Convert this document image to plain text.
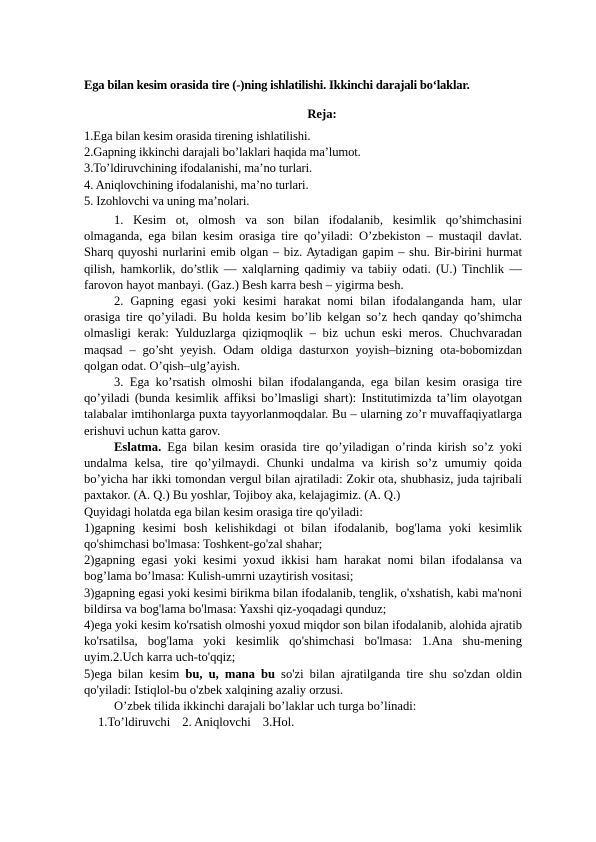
Ega bilan kesim orasida tire (-)ning ishlatilishi. Ikkinchi darajali bo‘laklar.
Reja:
1.Ega bilan kesim orasida tirening ishlatilishi.
2.Gapning ikkinchi darajali bo’laklari haqida ma’lumot.
3.To’ldiruvchining ifodalanishi, ma’no turlari.
4. Aniqlovchining ifodalanishi, ma’no turlari.
5. Izohlovchi va uning ma’nolari.

1. Kesim ot, olmosh va son bilan ifodalanib, kesimlik qo’shimchasini olmaganda, ega bilan kesim orasiga tire qo’yiladi: O’zbekiston – mustaqil davlat. Sharq quyoshi nurlarini emib olgan – biz. Aytadigan gapim – shu. Bir-birini hurmat qilish, hamkorlik, do’stlik — xalqlarning qadimiy va tabiiy odati. (U.) Tinchlik — farovon hayot manbayi. (Gaz.) Besh karra besh – yigirma besh.

2. Gapning egasi yoki kesimi harakat nomi bilan ifodalanganda ham, ular orasiga tire qo’yiladi. Bu holda kesim bo’lib kelgan so’z hech qanday qo’shimcha olmasligi kerak: Yulduzlarga qiziqmoqlik – biz uchun eski meros. Chuchvaradan maqsad – go’sht yeyish. Odam oldiga dasturxon yoyish–bizning ota-bobomizdan qolgan odat. O’qish–ulg’ayish.

3. Ega ko’rsatish olmoshi bilan ifodalanganda, ega bilan kesim orasiga tire qo’yiladi (bunda kesimlik affiksi bo’lmasligi shart): Institutimizda ta’lim olayotgan talabalar imtihonlarga puxta tayyorlanmoqdalar. Bu – ularning zo’r muvaffaqiyatlarga erishuvi uchun katta garov.

Eslatma. Ega bilan kesim orasida tire qo’yiladigan o’rinda kirish so’z yoki undalma kelsa, tire qo’yilmaydi. Chunki undalma va kirish so’z umumiy qoida bo’yicha har ikki tomondan vergul bilan ajratiladi: Zokir ota, shubhasiz, juda tajribali paxtakor. (A. Q.) Bu yoshlar, Tojiboy aka, kelajagimiz. (A. Q.)

Quyidagi holatda ega bilan kesim orasiga tire qo'yiladi:

1)gapning kesimi bosh kelishikdagi ot bilan ifodalanib, bog'lama yoki kesimlik qo'shimchasi bo'lmasa: Toshkent-go'zal shahar;

2)gapning egasi yoki kesimi yoxud ikkisi ham harakat nomi bilan ifodalansa va bog’lama bo’lmasa: Kulish-umrni uzaytirish vositasi;

3)gapning egasi yoki kesimi birikma bilan ifodalanib, tenglik, o'xshatish, kabi ma'noni bildirsa va bog'lama bo'lmasa: Yaxshi qiz-yoqadagi qunduz;

4)ega yoki kesim ko'rsatish olmoshi yoxud miqdor son bilan ifodalanib, alohida ajratib ko'rsatilsa, bog'lama yoki kesimlik qo'shimchasi bo'lmasa: 1.Ana shu-mening uyim.2.Uch karra uch-to'qqiz;

5)ega bilan kesim bu, u, mana bu so'zi bilan ajratilganda tire shu so'zdan oldin qo'yiladi: Istiqlol-bu o'zbek xalqining azaliy orzusi.

O’zbek tilida ikkinchi darajali bo’laklar uch turga bo’linadi:

1.To’ldiruvchi 2. Aniqlovchi 3.Hol.
